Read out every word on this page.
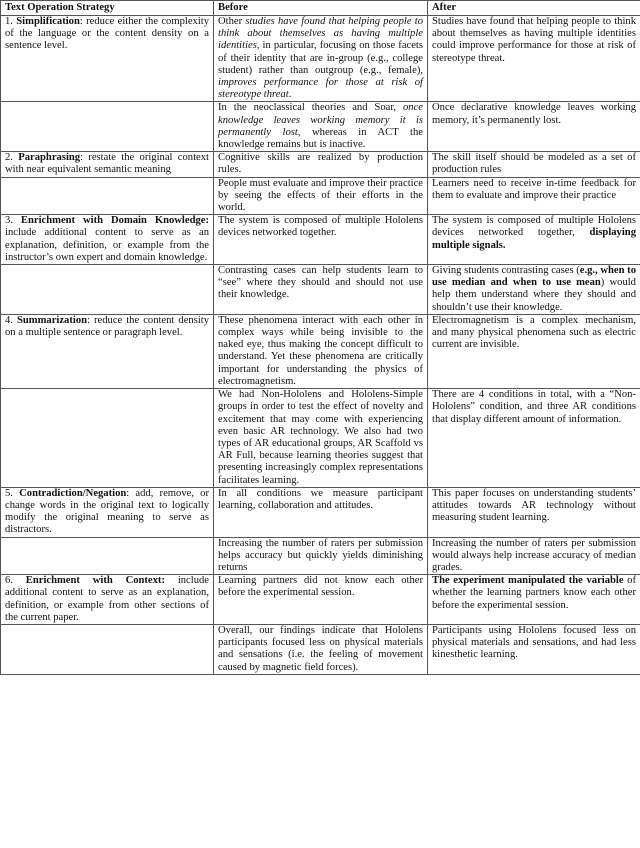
Text Operation Strategy	Before	After
1. Simplification: reduce either the complexity of the language or the content density on a sentence level.	Other studies have found that helping people to think about themselves as having multiple identities, in particular, focusing on those facets of their identity that are in-group (e.g., college student) rather than outgroup (e.g., female), improves performance for those at risk of stereotype threat.	Studies have found that helping people to think about themselves as having multiple identities could improve performance for those at risk of stereotype threat.
	In the neoclassical theories and Soar, once knowledge leaves working memory it is permanently lost, whereas in ACT the knowledge remains but is inactive.	Once declarative knowledge leaves working memory, it’s permanently lost.
2. Paraphrasing: restate the original context with near equivalent semantic meaning	Cognitive skills are realized by production rules.	The skill itself should be modeled as a set of production rules
	People must evaluate and improve their practice by seeing the effects of their efforts in the world.	Learners need to receive in-time feedback for them to evaluate and improve their practice
3. Enrichment with Domain Knowledge: include additional content to serve as an explanation, definition, or example from the instructor’s own expert and domain knowledge.	The system is composed of multiple Hololens devices networked together.	The system is composed of multiple Hololens devices networked together, displaying multiple signals.
	Contrasting cases can help students learn to “see” where they should and should not use their knowledge.	Giving students contrasting cases (e.g., when to use median and when to use mean) would help them understand where they should and shouldn’t use their knowledge.
4. Summarization: reduce the content density on a multiple sentence or paragraph level.	These phenomena interact with each other in complex ways while being invisible to the naked eye, thus making the concept difficult to understand. Yet these phenomena are critically important for understanding the physics of electromagnetism.	Electromagnetism is a complex mechanism, and many physical phenomena such as electric current are invisible.
	We had Non-Hololens and Hololens-Simple groups in order to test the effect of novelty and excitement that may come with experiencing even basic AR technology. We also had two types of AR educational groups, AR Scaffold vs AR Full, because learning theories suggest that presenting increasingly complex representations facilitates learning.	There are 4 conditions in total, with a “Non-Hololens” condition, and three AR conditions that display different amount of information.
5. Contradiction/Negation: add, remove, or change words in the original text to logically modify the original meaning to serve as distractors.	In all conditions we measure participant learning, collaboration and attitudes.	This paper focuses on understanding students’ attitudes towards AR technology without measuring student learning.
	Increasing the number of raters per submission helps accuracy but quickly yields diminishing returns	Increasing the number of raters per submission would always help increase accuracy of median grades.
6. Enrichment with Context: include additional content to serve as an explanation, definition, or example from other sections of the current paper.	Learning partners did not know each other before the experimental session.	The experiment manipulated the variable of whether the learning partners know each other before the experimental session.
	Overall, our findings indicate that Hololens participants focused less on physical materials and sensations (i.e. the feeling of movement caused by magnetic field forces).	Participants using Hololens focused less on physical materials and sensations, and had less kinesthetic learning.
